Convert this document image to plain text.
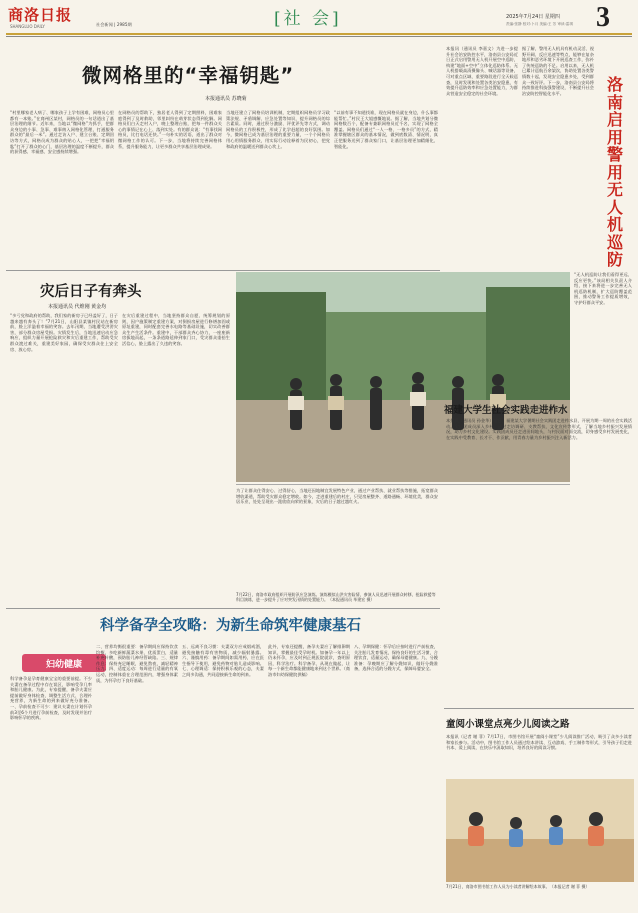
商洛日报
SHANGLUO DAILY	社会新闻 | 2985期	[社 会]	2025年7月24日 星期四
责编:张静 校对:卜月 美编:王 芳 审读:雷琪 3
微网格里的“幸福钥匙”
本报通讯员 苏晓菊
“村里哪家老人病了、哪家孩子上学有困难，网格员心里都有一本账。”在商州区某村，网格员的一句话道出了基层治理的细节。近年来，当地以“微网格”为抓手，把群众身边的小事、急事、难事纳入网格化管理，打通服务群众的“最后一米”。通过走访入户、建立台账、定期回访等方式，网格员成为群众的贴心人，一把把“幸福钥匙”打开了群众的心门，基层治理的温度不断提升，群众的获得感、幸福感、安全感持续增强。
在网格员的帮助下，独居老人得到了定期照料，困难家庭得到了及时救助，邻里纠纷在萌芽状态得到化解。网格员们白天走村入户，晚上整理台账，把每一件群众关心的事情记在心上、落到实处。有的群众说：“有事找网格员，比打电话还快。”一句朴实的话语，道出了群众对微网格工作的认可。下一步，当地将持续完善网格体系，提升服务能力，让更多群众共享基层治理成果。
当地还建立了网格员培训机制，定期组织网格员学习政策法规、矛盾调解、应急处置等知识，提升网格员的综合素质。同时，通过积分激励、评优评先等方式，调动网格员的工作积极性，形成了比学赶超的良好氛围。如今，微网格已成为基层治理的重要力量，一个个网格员用心用情服务群众，用实际行动诠释着为民初心，把党和政府的温暖送到群众心坎上。
“以前有事不知道找谁，现在网格员就在身边，什么事都能帮忙。”村民王大姐感慨地说。据了解，当地共划分微网格数百个，配备专兼职网格员近千名，实现了网格全覆盖。网格员们通过“一人一格、一格多员”的方式，精准掌握辖区群众的基本情况，做到底数清、情况明，真正把服务送到了群众家门口，让基层治理更加精细化、智能化。
灾后日子有奔头
本报通讯员 代维刚 黄金均
“多亏党和政府的帮助，我们家的新房子已经盖好了，日子越来越有奔头了！”7月21日，山阳县某镇村民站在新房前，脸上洋溢着幸福的笑容。去年汛期，当地遭受洪涝灾害，部分群众房屋受损。灾情发生后，当地迅速启动应急响应，组织力量开展抢险救灾和灾后重建工作，帮助受灾群众渡过难关，重建美好家园，确保受灾群众住上安全房、放心房。
在灾后重建过程中，当地坚持群众自愿、统筹规划的原则，因户施策制定重建方案，对倒损房屋进行修缮加固或原址重建，同时配套完善水电路等基础设施，切实改善群众生产生活条件。重建中，干部群众齐心协力，一座座新房拔地而起，一条条道路延伸到家门口，受灾群众重拾生活信心，脸上露出了久违的笑容。
为了让群众住得安心、过得舒心，当地还因地制宜发展特色产业，通过产业帮扶、就业帮扶等措施，拓宽群众增收渠道，帮助受灾群众稳定增收。如今，走进重建后的村庄，只见房屋整齐、道路通畅、环境优美，群众安居乐业，处处呈现出一派欣欣向荣的景象，灾后的日子越过越红火。
洛南启用警用无人机巡防
本报讯（通讯员 李嘉文）为进一步提升社会治安防控水平，洛南县公安局近日正式启用警用无人机开展空中巡防，构建“地面+空中”立体化巡防体系。无人机搭载高清摄像头、喊话器等设备，可对重点区域、重要路段进行全天候巡查，及时发现和处置各类治安隐患，有效提升巡防效率和应急处置能力，为群众营造安全稳定的社会环境。
据了解，警用无人机具有机动灵活、视野开阔、反应迅速等特点，能够在复杂地形和恶劣环境下开展巡查工作，弥补了传统巡防的不足。启用以来，无人机已累计巡航百余架次，协助处置各类警情数十起，发现安全隐患多处，受到群众一致好评。下一步，洛南县公安局将持续推进科技强警建设，不断提升社会治安防控智能化水平。
“无人机巡防让我们看得更远、反应更快。”该局相关负责人介绍，接下来将进一步完善无人机巡防机制，扩大巡防覆盖范围，推动警务工作提质增效，守护好群众平安。
福建大学生社会实践走进柞水
本报讯（通讯员 孙金华）近日，福建某大学暑期社会实践团走进柞水县，开展为期一周的社会实践活动。实践团成员深入乡村，通过走访调研、支教帮扶、文化宣传等形式，了解当地乡村振兴发展情况，助力乡村文化建设。实践团成员还走进田间地头，与村民面对面交流，切身感受乡村发展变化，在实践中受教育、长才干、作贡献，用青春力量为乡村振兴注入新活力。
童阅小课堂点亮少儿阅读之路
本报讯（记者 谢 菲）7月17日，市图书馆开展“童阅小课堂”少儿阅读推广活动，吸引了众多小读者和家长参与。活动中，图书馆工作人员通过绘本讲读、互动游戏、手工制作等形式，引导孩子们走进书本、爱上阅读，在快乐中汲取知识，培养良好的阅读习惯。
7月21日，商洛市图书馆工作人员为小读者讲解绘本故事。（本报记者 谢 菲 摄）
科学备孕全攻略：为新生命筑牢健康基石
妇幼健康
科学备孕是孕育健康宝宝的重要前提。不少夫妻在备孕过程中存在误区，影响受孕几率和胎儿健康。为此，专家提醒，备孕夫妻应提前做好身体检查、调整生活方式、合理补充营养，为新生命的到来做好充分准备。一、孕前检查不可少：建议夫妻在计划怀孕前3至6个月进行孕前检查，及时发现并治疗影响怀孕的疾病。
二、营养均衡很重要：备孕期间应保持饮食均衡，多吃新鲜蔬菜水果、优质蛋白，适量补充叶酸，预防胎儿神经管缺陷。三、规律作息：保持充足睡眠，避免熬夜，减轻精神压力。四、适度运动：每周进行适量的有氧运动，控制体重在合理范围内，增强身体素质，为怀孕打下良好基础。
五、远离不良习惯：夫妻双方应戒烟戒酒，避免接触有毒有害物质，减少辐射暴露。六、谨慎用药：备孕期间如需用药，应在医生指导下使用，避免药物对胎儿造成影响。七、心理调适：保持积极乐观的心态，夫妻之间多沟通，共同迎接新生命的到来。
此外，专家还提醒，备孕夫妻应了解排卵期知识，掌握最佳受孕时机。如备孕一年以上仍未怀孕，应及时到正规医院就诊，查明原因，科学治疗。科学备孕，从现在做起，让每一个新生命都能健康地来到这个世界。（商洛市妇幼保健院供稿）
八、孕期保健：怀孕后应按时进行产前检查，关注胎儿发育情况，保持良好的生活习惯，合理饮食，适量运动，确保母婴健康。九、分娩准备：孕晚期应了解分娩知识，做好分娩准备，选择合适的分娩方式，保障母婴安全。
7月22日，商洛市政府组织开展防汛应急演练。演练模拟山洪灾害险情，参演人员迅速开展群众转移、抢险救援等科目演练，进一步提升了应对突发汛情的处置能力。（本报通讯员 毕建宏 摄）
